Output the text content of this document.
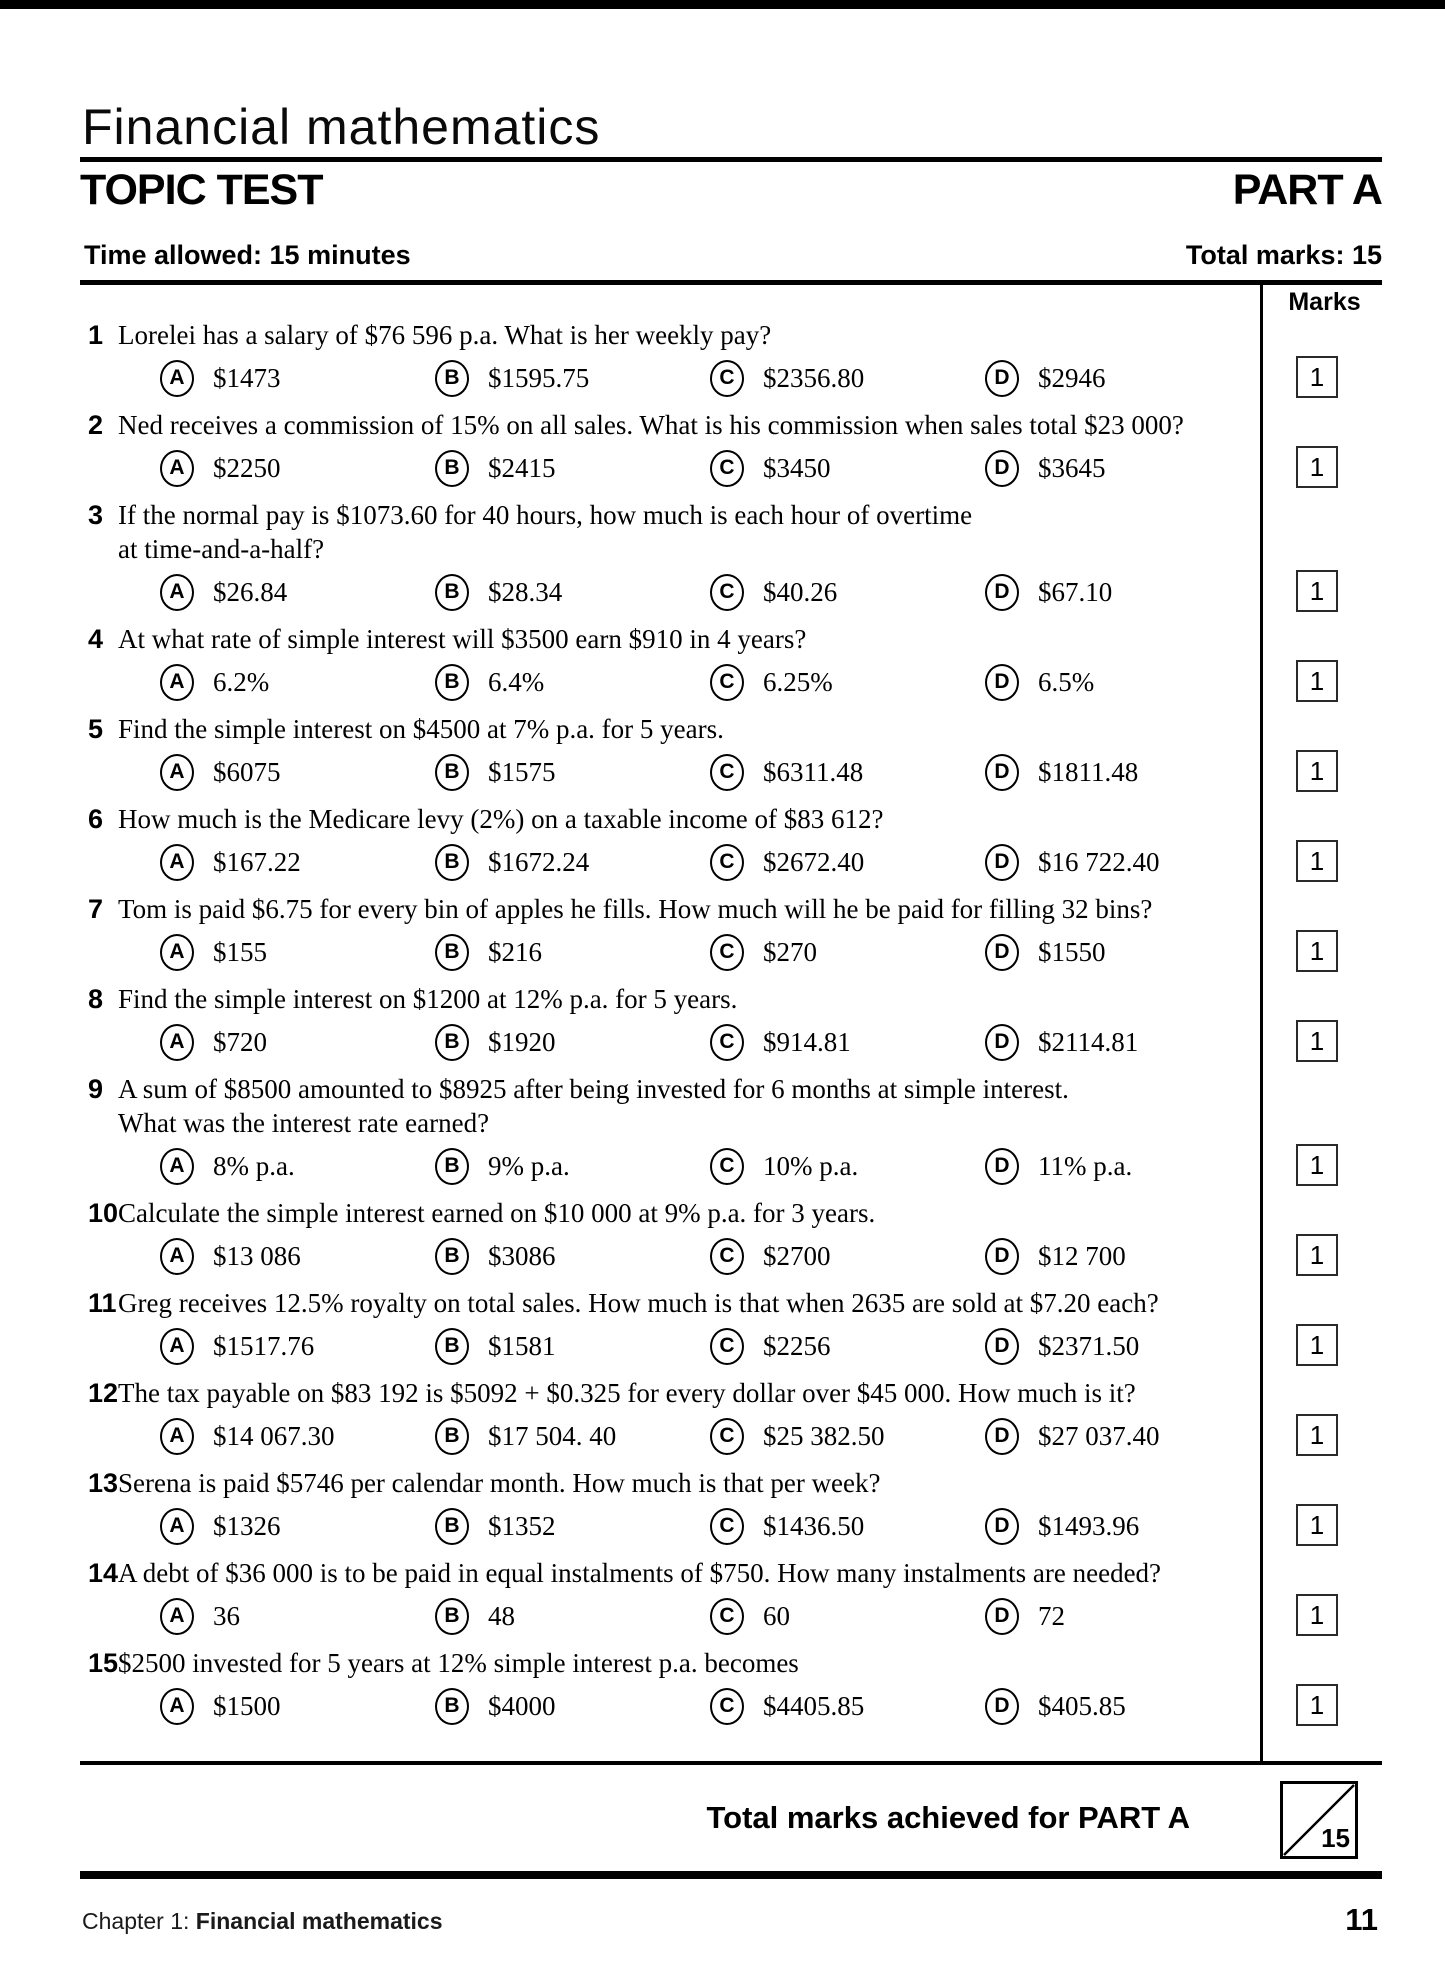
Financial mathematics
TOPIC TEST	PART A
Time allowed: 15 minutes	Total marks: 15
Marks
1 Lorelei has a salary of $76 596 p.a. What is her weekly pay?
A	$1473	B	$1595.75	C	$2356.80	D	$2946	1
2 Ned receives a commission of 15% on all sales. What is his commission when sales total $23 000?
A	$2250	B	$2415	C	$3450	D	$3645	1
3 If the normal pay is $1073.60 for 40 hours, how much is each hour of overtime
at time-and-a-half?
A	$26.84	B	$28.34	C	$40.26	D	$67.10	1
4 At what rate of simple interest will $3500 earn $910 in 4 years?
A	6.2%	B	6.4%	C	6.25%	D	6.5%	1
5 Find the simple interest on $4500 at 7% p.a. for 5 years.
A	$6075	B	$1575	C	$6311.48	D	$1811.48	1
6 How much is the Medicare levy (2%) on a taxable income of $83 612?
A	$167.22	B	$1672.24	C	$2672.40	D	$16 722.40	1
7 Tom is paid $6.75 for every bin of apples he fills. How much will he be paid for filling 32 bins?
A	$155	B	$216	C	$270	D	$1550	1
8 Find the simple interest on $1200 at 12% p.a. for 5 years.
A	$720	B	$1920	C	$914.81	D	$2114.81	1
9 A sum of $8500 amounted to $8925 after being invested for 6 months at simple interest.
What was the interest rate earned?
A	8% p.a.	B	9% p.a.	C	10% p.a.	D	11% p.a.	1
10 Calculate the simple interest earned on $10 000 at 9% p.a. for 3 years.
A	$13 086	B	$3086	C	$2700	D	$12 700	1
11 Greg receives 12.5% royalty on total sales. How much is that when 2635 are sold at $7.20 each?
A	$1517.76	B	$1581	C	$2256	D	$2371.50	1
12 The tax payable on $83 192 is $5092 + $0.325 for every dollar over $45 000. How much is it?
A	$14 067.30	B	$17 504. 40	C	$25 382.50	D	$27 037.40	1
13 Serena is paid $5746 per calendar month. How much is that per week?
A	$1326	B	$1352	C	$1436.50	D	$1493.96	1
14 A debt of $36 000 is to be paid in equal instalments of $750. How many instalments are needed?
A	36	B	48	C	60	D	72	1
15 $2500 invested for 5 years at 12% simple interest p.a. becomes
A	$1500	B	$4000	C	$4405.85	D	$405.85	1
Total marks achieved for PART A
15
Chapter 1: Financial mathematics	11
